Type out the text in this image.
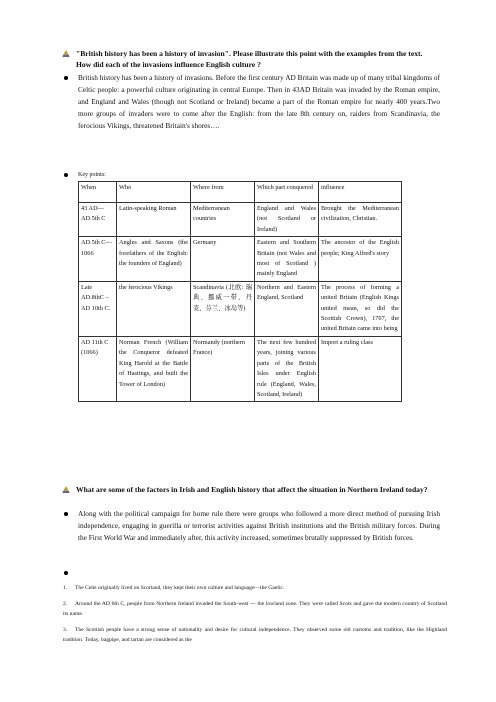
"British history has been a history of invasion". Please illustrate this point with the examples from the text. How did each of the invasions influence English culture ?
British history has been a history of invasions. Before the first century AD Britain was made up of many tribal kingdoms of Celtic people: a powerful culture originating in central Europe. Then in 43AD Britain was invaded by the Roman empire, and England and Wales (though not Scotland or Ireland) became a part of the Roman empire for nearly 400 years.Two more groups of invaders were to come after the English: from the late 8th century on, raiders from Scandinavia, the ferocious Vikings, threatened Britain's shores….
Key points:
When	Who	Where from	Which part conquered	influence
43 AD—AD.5th C	Latin-speaking Roman	Mediterranean countries	England and Wales (not Scotland or Ireland)	Brought the Mediterranean civilization, Christian.
AD.5th C—1066	Angles and Saxons (the forefathers of the English: the founders of England)	Germany	Eastern and Southern Britain (not Wales and most of Scotland ) mainly England	The ancestor of the English people; King Alfred's story
Late AD.8thC – AD 10th C.	the ferocious Vikings	Scandinavia (北欧: 瑞典、挪威一带、丹麦、芬兰、冰岛等)	Northern and Eastern England, Scotland	The process of forming a united Britain (English Kings united mean, so did the Scottish Crown), 1707, the united Britain came into being
AD 11th C (1066)	Norman French (William the Conqueror defeated King Harold at the Battle of Hastings, and built the Tower of London)	Normandy (northern France)	The next few hundred years, joining various parts of the British Isles under English rule (England, Wales, Scotland, Ireland)	Import a ruling class
What are some of the factors in Irish and English history that affect the situation in Northern Ireland today?
Along with the political campaign for home rule there were groups who followed a more direct method of pursuing Irish independence, engaging in guerilla or terrorist activities against British institutions and the British military forces. During the First World War and immediately after, this activity increased, sometimes brutally suppressed by British forces.
1. The Celts originally lived on Scotland, they kept their own culture and language—the Gaelic.
2. Around the AD 6th C, people from Northern Ireland invaded the South-west --- the lowland zone. They were called Scots and gave the modern country of Scotland its name.
3. The Scottish people have a strong sense of nationality and desire for cultural independence. They observed some old customs and tradition, like the Highland tradition. Today, bagpipe, and tartan are considered as the
